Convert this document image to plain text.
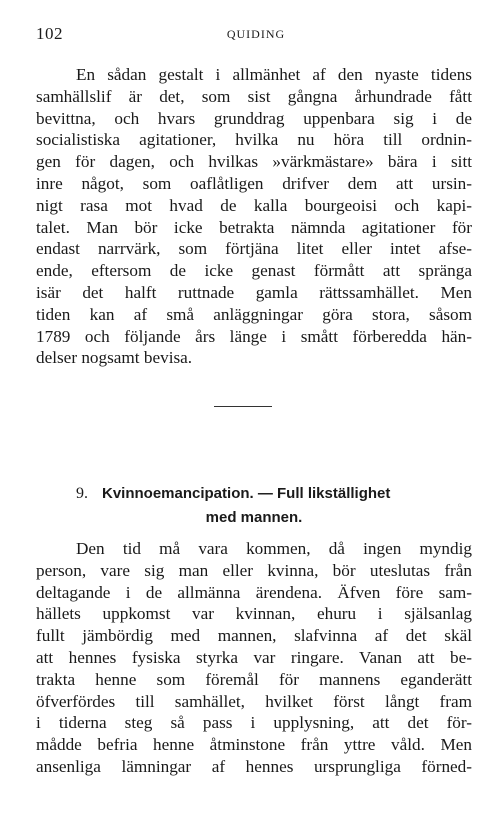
102	QUIDING
En sådan gestalt i allmänhet af den nyaste tidens
samhällslif är det, som sist gångna århundrade fått
bevittna, och hvars grunddrag uppenbara sig i de
socialistiska agitationer, hvilka nu höra till ordnin-
gen för dagen, och hvilkas »värkmästare» bära i sitt
inre något, som oaflåtligen drifver dem att ursin-
nigt rasa mot hvad de kalla bourgeoisi och kapi-
talet. Man bör icke betrakta nämnda agitationer för
endast narrvärk, som förtjäna litet eller intet afse-
ende, eftersom de icke genast förmått att spränga
isär det halft ruttnade gamla rättssamhället. Men
tiden kan af små anläggningar göra stora, såsom
1789 och följande års länge i smått förberedda hän-
delser nogsamt bevisa.
9. Kvinnoemancipation. — Full likställighet
med mannen.
Den tid må vara kommen, då ingen myndig
person, vare sig man eller kvinna, bör uteslutas från
deltagande i de allmänna ärendena. Äfven före sam-
hällets uppkomst var kvinnan, ehuru i själsanlag
fullt jämbördig med mannen, slafvinna af det skäl
att hennes fysiska styrka var ringare. Vanan att be-
trakta henne som föremål för mannens eganderätt
öfverfördes till samhället, hvilket först långt fram
i tiderna steg så pass i upplysning, att det för-
mådde befria henne åtminstone från yttre våld. Men
ansenliga lämningar af hennes ursprungliga förned-
